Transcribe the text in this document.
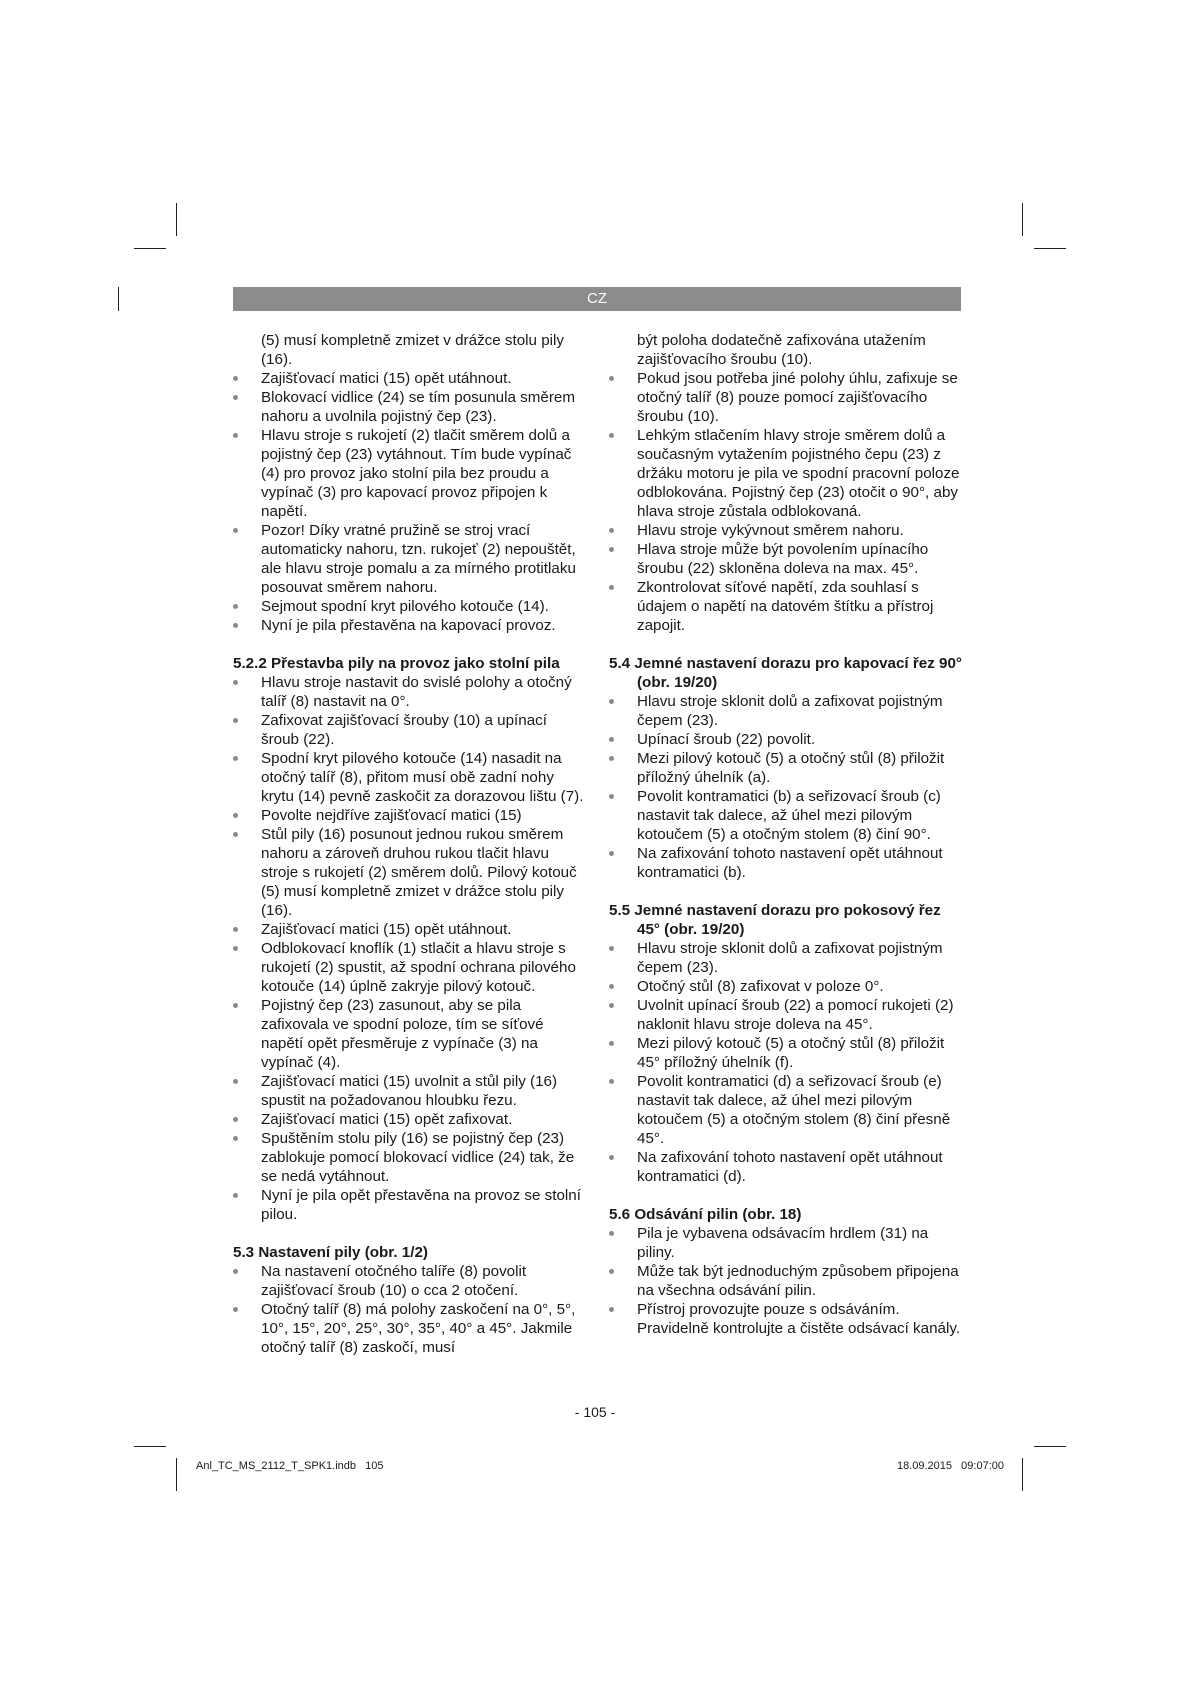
CZ
(5) musí kompletně zmizet v drážce stolu pily (16).
Zajišťovací matici (15) opět utáhnout.
Blokovací vidlice (24) se tím posunula směrem nahoru a uvolnila pojistný čep (23).
Hlavu stroje s rukojetí (2) tlačit směrem dolů a pojistný čep (23) vytáhnout. Tím bude vypínač (4) pro provoz jako stolní pila bez proudu a vypínač (3) pro kapovací provoz připojen k napětí.
Pozor! Díky vratné pružině se stroj vrací automaticky nahoru, tzn. rukojeť (2) nepouštět, ale hlavu stroje pomalu a za mírného protitlaku posouvat směrem nahoru.
Sejmout spodní kryt pilového kotouče (14).
Nyní je pila přestavěna na kapovací provoz.
5.2.2 Přestavba pily na provoz jako stolní pila
Hlavu stroje nastavit do svislé polohy a otočný talíř (8) nastavit na 0°.
Zafixovat zajišťovací šrouby (10) a upínací šroub (22).
Spodní kryt pilového kotouče (14) nasadit na otočný talíř (8), přitom musí obě zadní nohy krytu (14) pevně zaskočit za dorazovou lištu (7).
Povolte nejdříve zajišťovací matici (15)
Stůl pily (16) posunout jednou rukou směrem nahoru a zároveň druhou rukou tlačit hlavu stroje s rukojetí (2) směrem dolů. Pilový kotouč (5) musí kompletně zmizet v drážce stolu pily (16).
Zajišťovací matici (15) opět utáhnout.
Odblokovací knoflík (1) stlačit a hlavu stroje s rukojetí (2) spustit, až spodní ochrana pilového kotouče (14) úplně zakryje pilový kotouč.
Pojistný čep (23) zasunout, aby se pila zafixovala ve spodní poloze, tím se síťové napětí opět přesměruje z vypínače (3) na vypínač (4).
Zajišťovací matici (15) uvolnit a stůl pily (16) spustit na požadovanou hloubku řezu.
Zajišťovací matici (15) opět zafixovat.
Spuštěním stolu pily (16) se pojistný čep (23) zablokuje pomocí blokovací vidlice (24) tak, že se nedá vytáhnout.
Nyní je pila opět přestavěna na provoz se stolní pilou.
5.3 Nastavení pily (obr. 1/2)
Na nastavení otočného talíře (8) povolit zajišťovací šroub (10) o cca 2 otočení.
Otočný talíř (8) má polohy zaskočení na 0°, 5°, 10°, 15°, 20°, 25°, 30°, 35°, 40° a 45°. Jakmile otočný talíř (8) zaskočí, musí
být poloha dodatečně zafixována utažením zajišťovacího šroubu (10).
Pokud jsou potřeba jiné polohy úhlu, zafixuje se otočný talíř (8) pouze pomocí zajišťovacího šroubu (10).
Lehkým stlačením hlavy stroje směrem dolů a současným vytažením pojistného čepu (23) z držáku motoru je pila ve spodní pracovní poloze odblokována. Pojistný čep (23) otočit o 90°, aby hlava stroje zůstala odblokovaná.
Hlavu stroje vykývnout směrem nahoru.
Hlava stroje může být povolením upínacího šroubu (22) skloněna doleva na max. 45°.
Zkontrolovat síťové napětí, zda souhlasí s údajem o napětí na datovém štítku a přístroj zapojit.
5.4 Jemné nastavení dorazu pro kapovací řez 90° (obr. 19/20)
Hlavu stroje sklonit dolů a zafixovat pojistným čepem (23).
Upínací šroub (22) povolit.
Mezi pilový kotouč (5) a otočný stůl (8) přiložit příložný úhelník (a).
Povolit kontramatici (b) a seřizovací šroub (c) nastavit tak dalece, až úhel mezi pilovým kotoučem (5) a otočným stolem (8) činí 90°.
Na zafixování tohoto nastavení opět utáhnout kontramatici (b).
5.5 Jemné nastavení dorazu pro pokosový řez 45° (obr. 19/20)
Hlavu stroje sklonit dolů a zafixovat pojistným čepem (23).
Otočný stůl (8) zafixovat v poloze 0°.
Uvolnit upínací šroub (22) a pomocí rukojeti (2) naklonit hlavu stroje doleva na 45°.
Mezi pilový kotouč (5) a otočný stůl (8) přiložit 45° příložný úhelník (f).
Povolit kontramatici (d) a seřizovací šroub (e) nastavit tak dalece, až úhel mezi pilovým kotoučem (5) a otočným stolem (8) činí přesně 45°.
Na zafixování tohoto nastavení opět utáhnout kontramatici (d).
5.6 Odsávání pilin (obr. 18)
Pila je vybavena odsávacím hrdlem (31) na piliny.
Může tak být jednoduchým způsobem připojena na všechna odsávání pilin.
Přístroj provozujte pouze s odsáváním. Pravidelně kontrolujte a čistěte odsávací kanály.
- 105 -
Anl_TC_MS_2112_T_SPK1.indb   105	18.09.2015   09:07:00
